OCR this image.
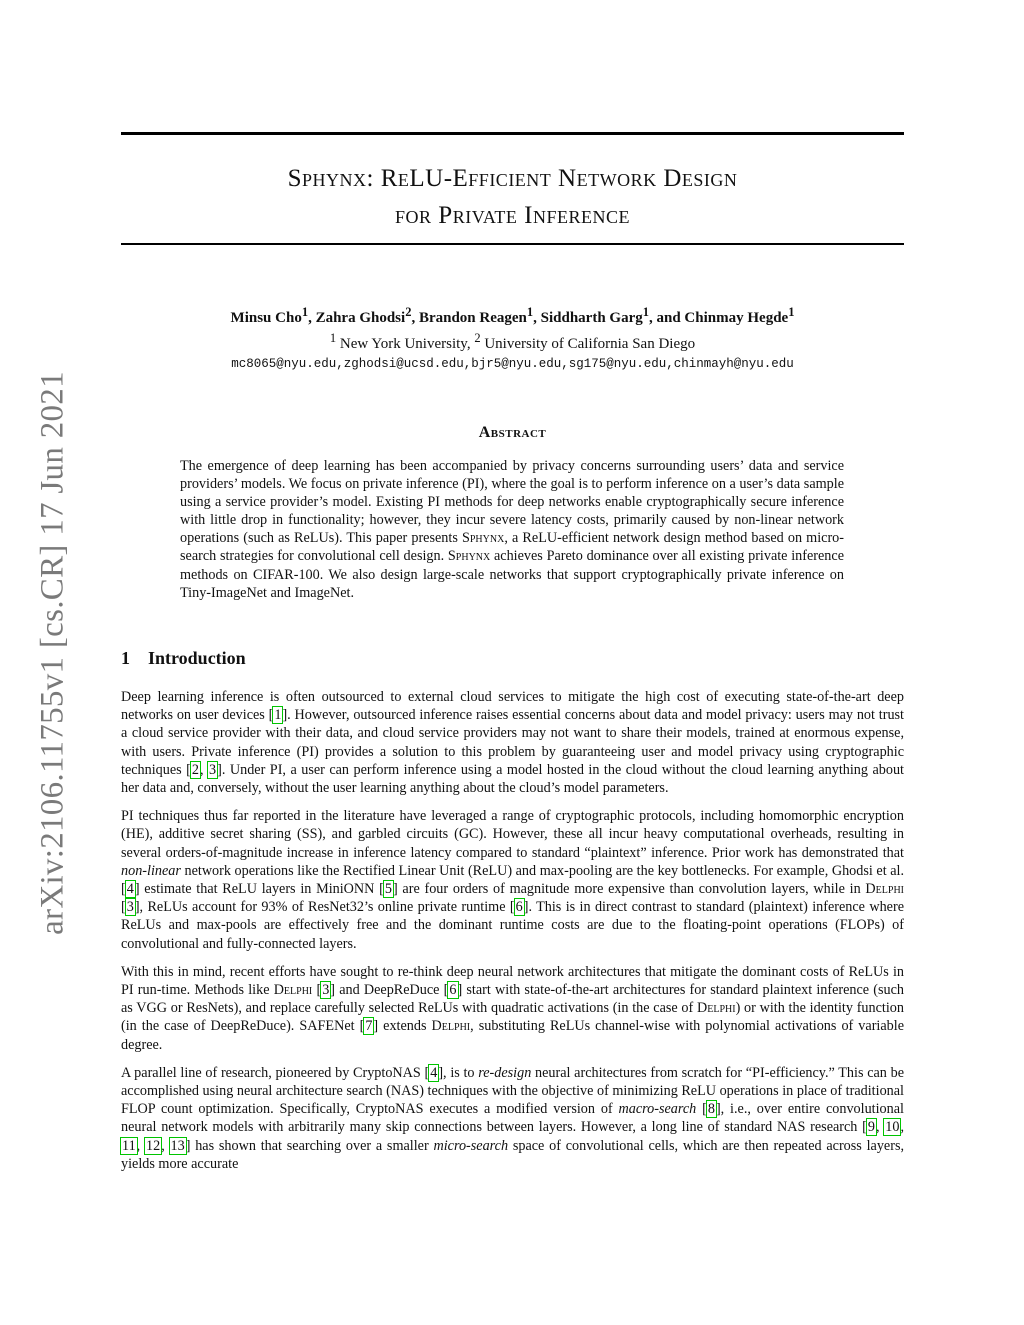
arXiv:2106.11755v1 [cs.CR] 17 Jun 2021
Sphynx: ReLU-Efficient Network Design
for Private Inference
Minsu Cho$^1$, Zahra Ghodsi$^2$, Brandon Reagen$^1$, Siddharth Garg$^1$, and Chinmay Hegde$^1$
$^1$ New York University, $^2$ University of California San Diego
mc8065@nyu.edu,zghodsi@ucsd.edu,bjr5@nyu.edu,sg175@nyu.edu,chinmayh@nyu.edu
Abstract
The emergence of deep learning has been accompanied by privacy concerns surrounding users’ data and service providers’ models. We focus on private inference (PI), where the goal is to perform inference on a user’s data sample using a service provider’s model. Existing PI methods for deep networks enable cryptographically secure inference with little drop in functionality; however, they incur severe latency costs, primarily caused by non-linear network operations (such as ReLUs). This paper presents Sphynx, a ReLU-efficient network design method based on micro-search strategies for convolutional cell design. Sphynx achieves Pareto dominance over all existing private inference methods on CIFAR-100. We also design large-scale networks that support cryptographically private inference on Tiny-ImageNet and ImageNet.
1 Introduction

Deep learning inference is often outsourced to external cloud services to mitigate the high cost of executing state-of-the-art deep networks on user devices [1]. However, outsourced inference raises essential concerns about data and model privacy: users may not trust a cloud service provider with their data, and cloud service providers may not want to share their models, trained at enormous expense, with users. Private inference (PI) provides a solution to this problem by guaranteeing user and model privacy using cryptographic techniques [2, 3]. Under PI, a user can perform inference using a model hosted in the cloud without the cloud learning anything about her data and, conversely, without the user learning anything about the cloud’s model parameters.

PI techniques thus far reported in the literature have leveraged a range of cryptographic protocols, including homomorphic encryption (HE), additive secret sharing (SS), and garbled circuits (GC). However, these all incur heavy computational overheads, resulting in several orders-of-magnitude increase in inference latency compared to standard “plaintext” inference. Prior work has demonstrated that non-linear network operations like the Rectified Linear Unit (ReLU) and max-pooling are the key bottlenecks. For example, Ghodsi et al. [4] estimate that ReLU layers in MiniONN [5] are four orders of magnitude more expensive than convolution layers, while in Delphi [3], ReLUs account for 93% of ResNet32’s online private runtime [6]. This is in direct contrast to standard (plaintext) inference where ReLUs and max-pools are effectively free and the dominant runtime costs are due to the floating-point operations (FLOPs) of convolutional and fully-connected layers.

With this in mind, recent efforts have sought to re-think deep neural network architectures that mitigate the dominant costs of ReLUs in PI run-time. Methods like Delphi [3] and DeepReDuce [6] start with state-of-the-art architectures for standard plaintext inference (such as VGG or ResNets), and replace carefully selected ReLUs with quadratic activations (in the case of Delphi) or with the identity function (in the case of DeepReDuce). SAFENet [7] extends Delphi, substituting ReLUs channel-wise with polynomial activations of variable degree.

A parallel line of research, pioneered by CryptoNAS [4], is to re-design neural architectures from scratch for “PI-efficiency.” This can be accomplished using neural architecture search (NAS) techniques with the objective of minimizing ReLU operations in place of traditional FLOP count optimization. Specifically, CryptoNAS executes a modified version of macro-search [8], i.e., over entire convolutional neural network models with arbitrarily many skip connections between layers. However, a long line of standard NAS research [9, 10, 11, 12, 13] has shown that searching over a smaller micro-search space of convolutional cells, which are then repeated across layers, yields more accurate
